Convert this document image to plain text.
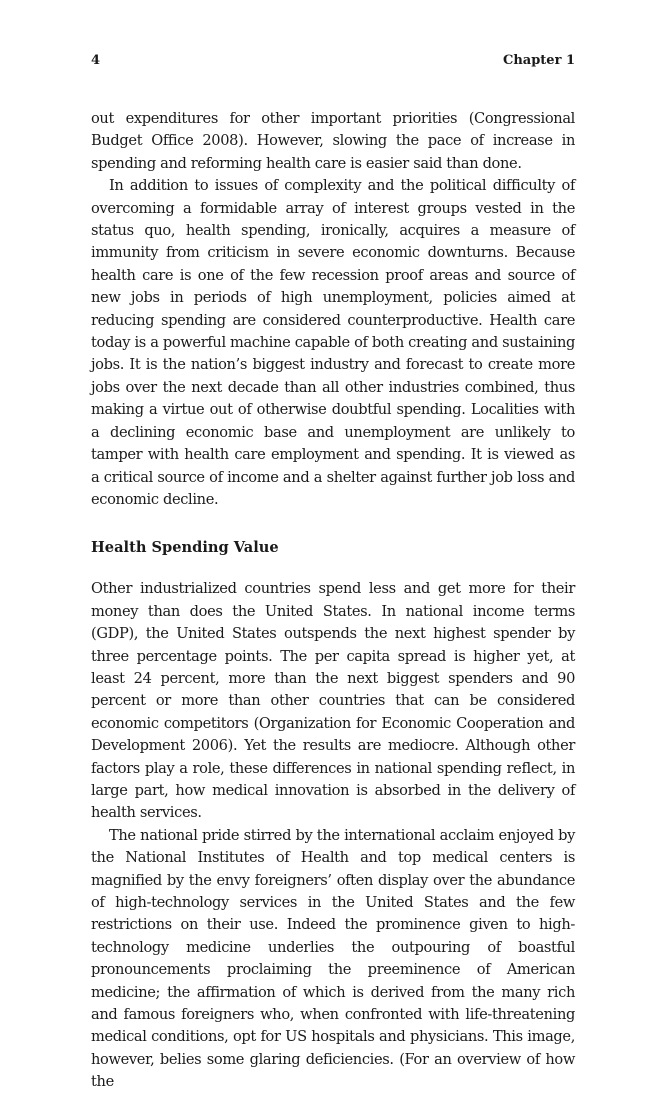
4	Chapter 1

out expenditures for other important priorities (Congressional Budget Office 2008). However, slowing the pace of increase in spending and reforming health care is easier said than done.

In addition to issues of complexity and the political difficulty of overcoming a formidable array of interest groups vested in the status quo, health spending, ironically, acquires a measure of immunity from criticism in severe economic downturns. Because health care is one of the few recession proof areas and source of new jobs in periods of high unemployment, policies aimed at reducing spending are considered counterproductive. Health care today is a powerful machine capable of both creating and sustaining jobs. It is the nation’s biggest industry and forecast to create more jobs over the next decade than all other industries combined, thus making a virtue out of otherwise doubtful spending. Localities with a declining economic base and unemployment are unlikely to tamper with health care employment and spending. It is viewed as a critical source of income and a shelter against further job loss and economic decline.

Health Spending Value

Other industrialized countries spend less and get more for their money than does the United States. In national income terms (GDP), the United States outspends the next highest spender by three percentage points. The per capita spread is higher yet, at least 24 percent, more than the next biggest spenders and 90 percent or more than other countries that can be considered economic competitors (Organization for Economic Cooperation and Development 2006). Yet the results are mediocre. Although other factors play a role, these differences in national spending reflect, in large part, how medical innovation is absorbed in the delivery of health services.

The national pride stirred by the international acclaim enjoyed by the National Institutes of Health and top medical centers is magnified by the envy foreigners’ often display over the abundance of high-technology services in the United States and the few restrictions on their use. Indeed the prominence given to high-technology medicine underlies the outpouring of boastful pronouncements proclaiming the preeminence of American medicine; the affirmation of which is derived from the many rich and famous foreigners who, when confronted with life-threatening medical conditions, opt for US hospitals and physicians. This image, however, belies some glaring deficiencies. (For an overview of how the
